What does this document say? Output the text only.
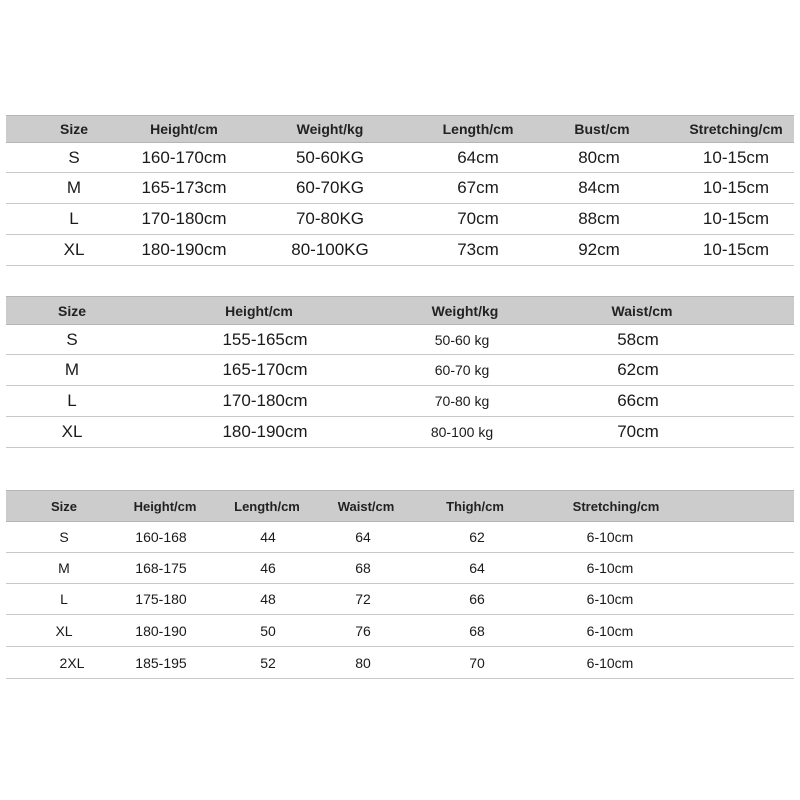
Size	Height/cm	Weight/kg	Length/cm	Bust/cm	Stretching/cm
S	160-170cm	50-60KG	64cm	80cm	10-15cm
M	165-173cm	60-70KG	67cm	84cm	10-15cm
L	170-180cm	70-80KG	70cm	88cm	10-15cm
XL	180-190cm	80-100KG	73cm	92cm	10-15cm
Size	Height/cm	Weight/kg	Waist/cm
S	155-165cm	50-60 kg	58cm
M	165-170cm	60-70 kg	62cm
L	170-180cm	70-80 kg	66cm
XL	180-190cm	80-100 kg	70cm
Size	Height/cm	Length/cm	Waist/cm	Thigh/cm	Stretching/cm
S	160-168	44	64	62	6-10cm
M	168-175	46	68	64	6-10cm
L	175-180	48	72	66	6-10cm
XL	180-190	50	76	68	6-10cm
2XL	185-195	52	80	70	6-10cm
